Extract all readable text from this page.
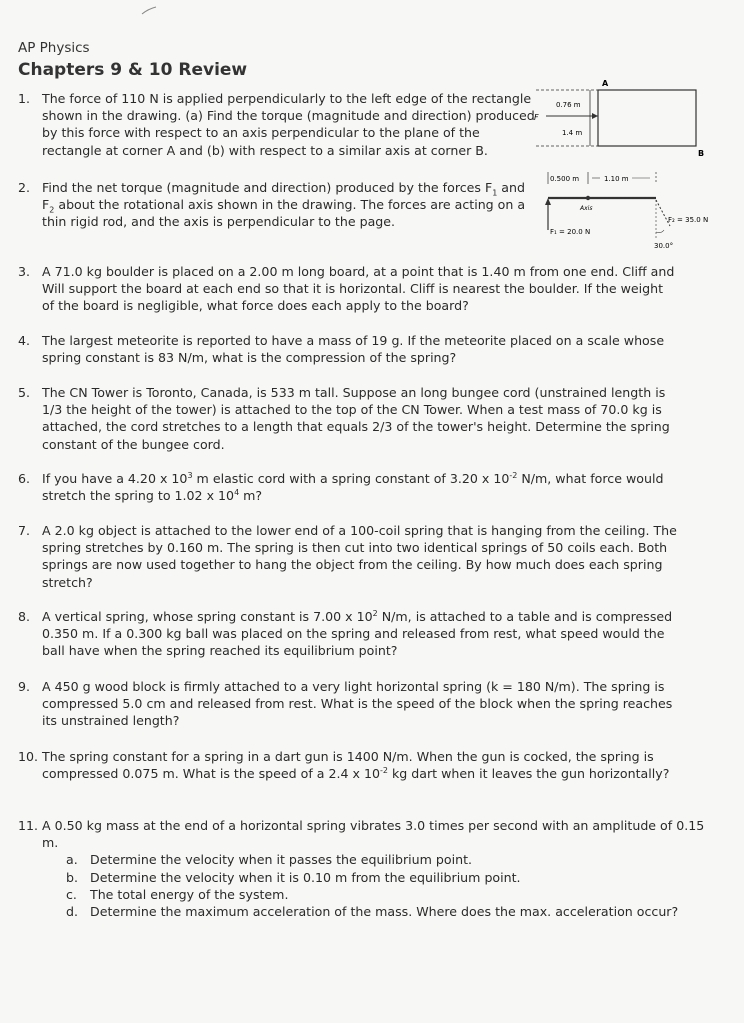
AP Physics
Chapters 9 & 10 Review
1. The force of 110 N is applied perpendicularly to the left edge of the rectangle shown in the drawing. (a) Find the torque (magnitude and direction) produced by this force with respect to an axis perpendicular to the plane of the rectangle at corner A and (b) with respect to a similar axis at corner B.
F
0.76 m
1.4 m
A
B
2. Find the net torque (magnitude and direction) produced by the forces $F_1$ and $F_2$ about the rotational axis shown in the drawing. The forces are acting on a thin rigid rod, and the axis is perpendicular to the page.
0.500 m	1.10 m
Axis
F₁ = 20.0 N
F₂ = 35.0 N
30.0°
3. A 71.0 kg boulder is placed on a 2.00 m long board, at a point that is 1.40 m from one end. Cliff and Will support the board at each end so that it is horizontal. Cliff is nearest the boulder. If the weight of the board is negligible, what force does each apply to the board?
4. The largest meteorite is reported to have a mass of 19 g. If the meteorite placed on a scale whose spring constant is 83 N/m, what is the compression of the spring?
5. The CN Tower is Toronto, Canada, is 533 m tall. Suppose an long bungee cord (unstrained length is 1/3 the height of the tower) is attached to the top of the CN Tower. When a test mass of 70.0 kg is attached, the cord stretches to a length that equals 2/3 of the tower's height. Determine the spring constant of the bungee cord.
6. If you have a 4.20 x $10^3$ m elastic cord with a spring constant of 3.20 x $10^{-2}$ N/m, what force would stretch the spring to 1.02 x $10^4$ m?
7. A 2.0 kg object is attached to the lower end of a 100-coil spring that is hanging from the ceiling. The spring stretches by 0.160 m. The spring is then cut into two identical springs of 50 coils each. Both springs are now used together to hang the object from the ceiling. By how much does each spring stretch?
8. A vertical spring, whose spring constant is 7.00 x $10^2$ N/m, is attached to a table and is compressed 0.350 m. If a 0.300 kg ball was placed on the spring and released from rest, what speed would the ball have when the spring reached its equilibrium point?
9. A 450 g wood block is firmly attached to a very light horizontal spring (k = 180 N/m). The spring is compressed 5.0 cm and released from rest. What is the speed of the block when the spring reaches its unstrained length?
10. The spring constant for a spring in a dart gun is 1400 N/m. When the gun is cocked, the spring is compressed 0.075 m. What is the speed of a 2.4 x $10^{-2}$ kg dart when it leaves the gun horizontally?
11. A 0.50 kg mass at the end of a horizontal spring vibrates 3.0 times per second with an amplitude of 0.15 m.
a. Determine the velocity when it passes the equilibrium point.
b. Determine the velocity when it is 0.10 m from the equilibrium point.
c. The total energy of the system.
d. Determine the maximum acceleration of the mass. Where does the max. acceleration occur?
